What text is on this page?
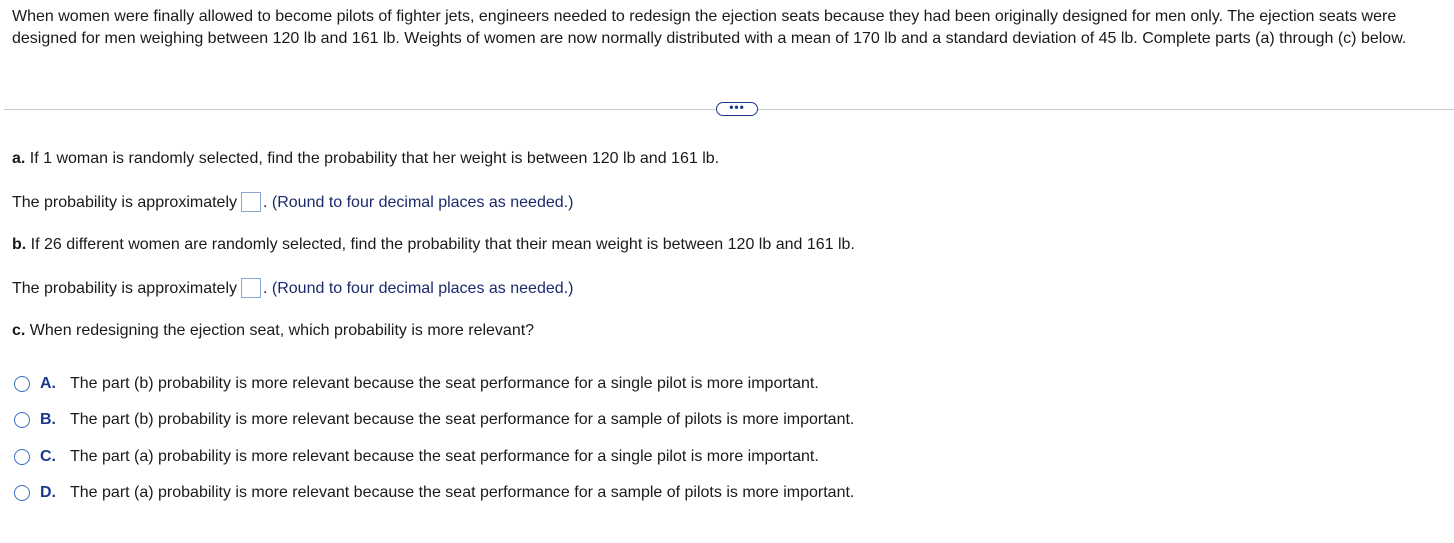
When women were finally allowed to become pilots of fighter jets, engineers needed to redesign the ejection seats because they had been originally designed for men only. The ejection seats were designed for men weighing between 120 lb and 161 lb. Weights of women are now normally distributed with a mean of 170 lb and a standard deviation of 45 lb. Complete parts (a) through (c) below.
•••
a. If 1 woman is randomly selected, find the probability that her weight is between 120 lb and 161 lb.
The probability is approximately . (Round to four decimal places as needed.)
b. If 26 different women are randomly selected, find the probability that their mean weight is between 120 lb and 161 lb.
The probability is approximately . (Round to four decimal places as needed.)
c. When redesigning the ejection seat, which probability is more relevant?
A. The part (b) probability is more relevant because the seat performance for a single pilot is more important.
B. The part (b) probability is more relevant because the seat performance for a sample of pilots is more important.
C. The part (a) probability is more relevant because the seat performance for a single pilot is more important.
D. The part (a) probability is more relevant because the seat performance for a sample of pilots is more important.
